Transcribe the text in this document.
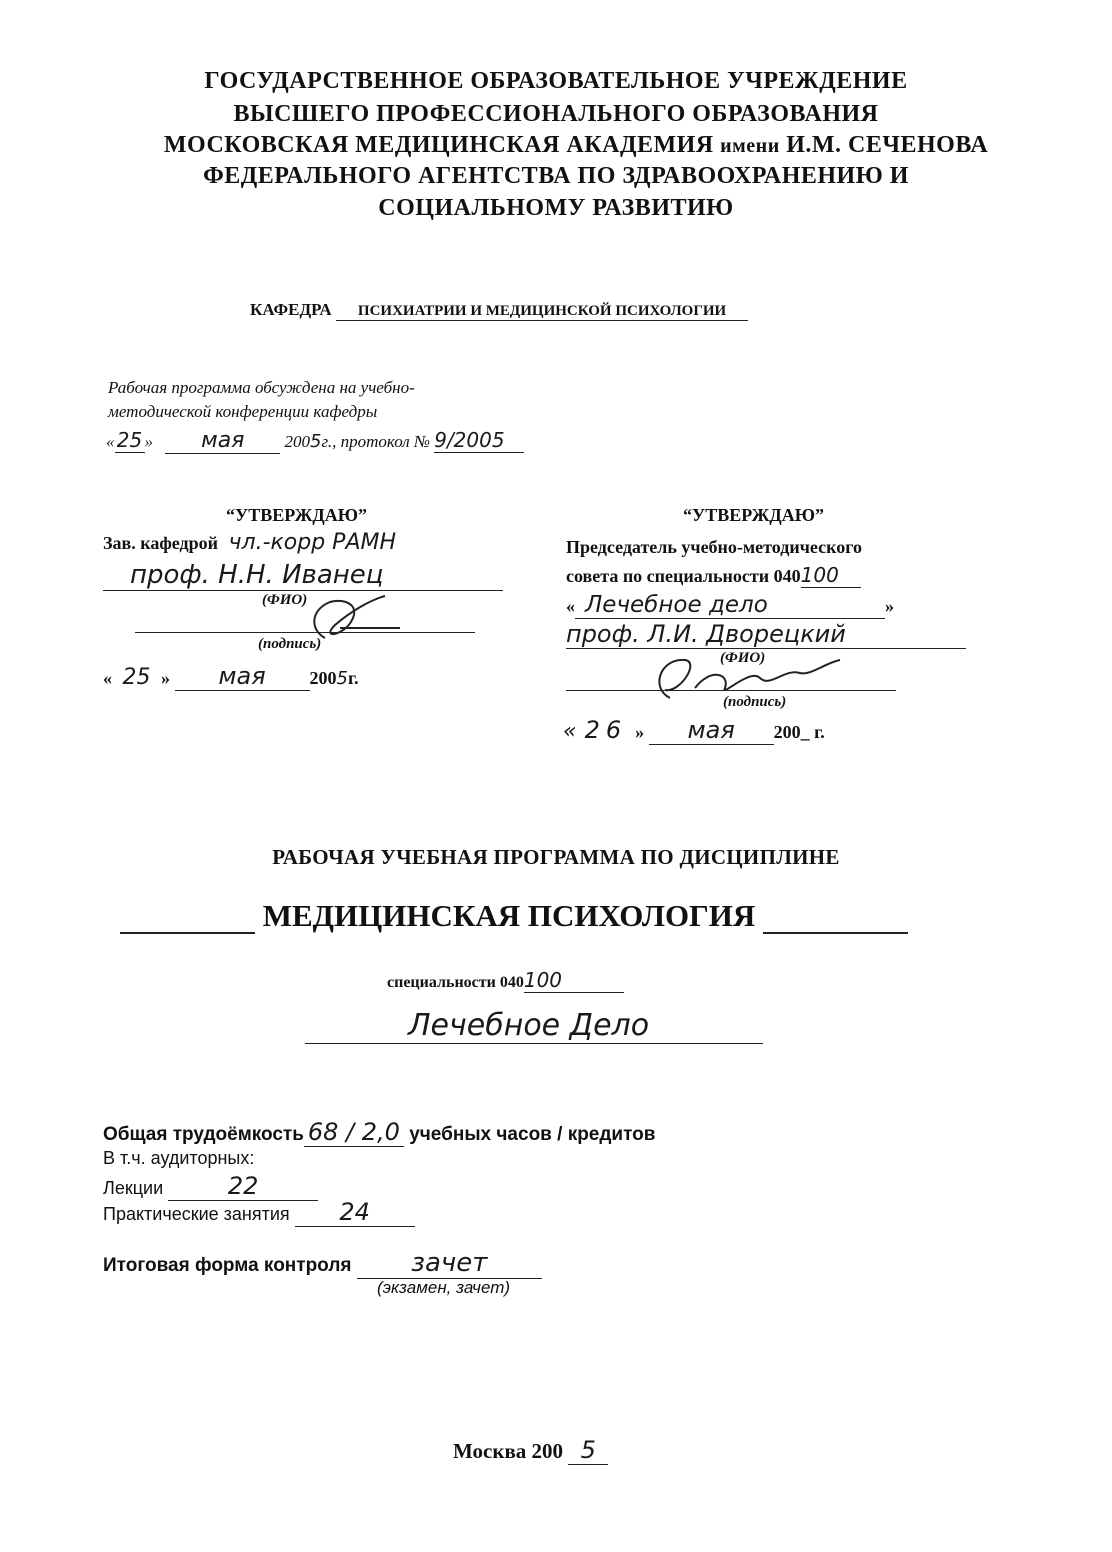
ГОСУДАРСТВЕННОЕ ОБРАЗОВАТЕЛЬНОЕ УЧРЕЖДЕНИЕ
ВЫСШЕГО ПРОФЕССИОНАЛЬНОГО ОБРАЗОВАНИЯ
МОСКОВСКАЯ МЕДИЦИНСКАЯ АКАДЕМИЯ имени И.М. СЕЧЕНОВА
ФЕДЕРАЛЬНОГО АГЕНТСТВА ПО ЗДРАВООХРАНЕНИЮ И
СОЦИАЛЬНОМУ РАЗВИТИЮ
КАФЕДРА ПСИХИАТРИИ И МЕДИЦИНСКОЙ ПСИХОЛОГИИ
Рабочая программа обсуждена на учебно-
методической конференции кафедры
« 25 » мая 2005г., протокол № 9/2005
“УТВЕРЖДАЮ”
Зав. кафедрой чл.-корр РАМН
проф. Н.Н. Иванец
(ФИО)
(подпись)
« 25 » мая 2005г.
“УТВЕРЖДАЮ”
Председатель учебно-методического
совета по специальности 040100
« Лечебное дело	»
проф. Л.И. Дворецкий
(ФИО)
(подпись)
« 26 » мая 200_ г.
РАБОЧАЯ УЧЕБНАЯ ПРОГРАММА ПО ДИСЦИПЛИНЕ
МЕДИЦИНСКАЯ ПСИХОЛОГИЯ
специальности 040100
Лечебное Дело
Общая трудоёмкость 68 / 2,0 учебных часов / кредитов
В т.ч. аудиторных:
Лекции	22
Практические занятия 24
Итоговая форма контроля зачет
(экзамен, зачет)
Москва 200 5
